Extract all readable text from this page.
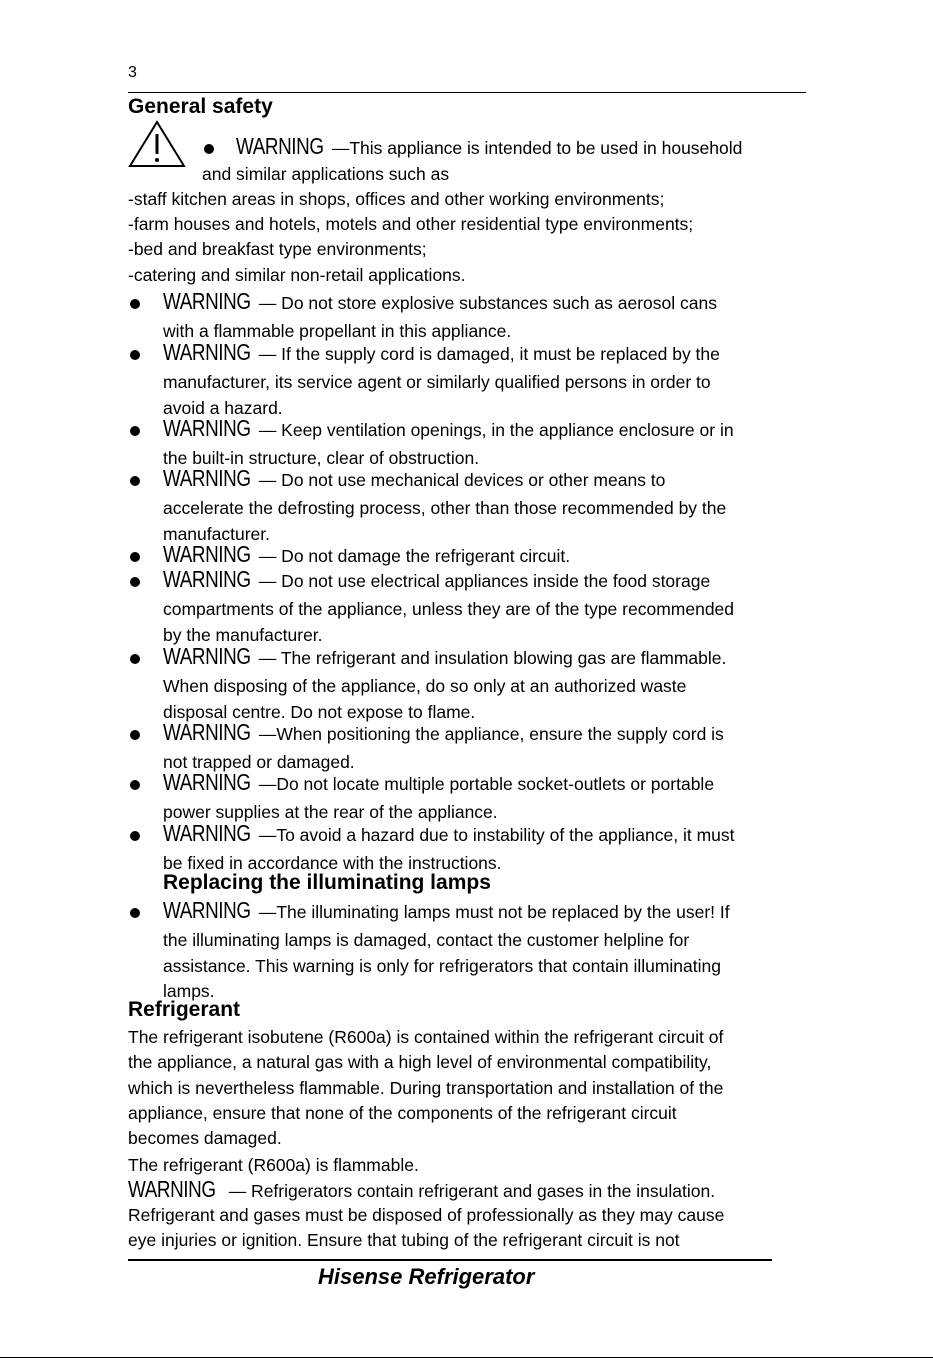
3
General safety
WARNING —This appliance is intended to be used in household
and similar applications such as
-staff kitchen areas in shops, offices and other working environments;
-farm houses and hotels, motels and other residential type environments;
-bed and breakfast type environments;
-catering and similar non-retail applications.
WARNING — Do not store explosive substances such as aerosol cans
with a flammable propellant in this appliance.
WARNING — If the supply cord is damaged, it must be replaced by the
manufacturer, its service agent or similarly qualified persons in order to
avoid a hazard.
WARNING — Keep ventilation openings, in the appliance enclosure or in
the built-in structure, clear of obstruction.
WARNING — Do not use mechanical devices or other means to
accelerate the defrosting process, other than those recommended by the
manufacturer.
WARNING — Do not damage the refrigerant circuit.
WARNING — Do not use electrical appliances inside the food storage
compartments of the appliance, unless they are of the type recommended
by the manufacturer.
WARNING — The refrigerant and insulation blowing gas are flammable.
When disposing of the appliance, do so only at an authorized waste
disposal centre. Do not expose to flame.
WARNING —When positioning the appliance, ensure the supply cord is
not trapped or damaged.
WARNING —Do not locate multiple portable socket-outlets or portable
power supplies at the rear of the appliance.
WARNING —To avoid a hazard due to instability of the appliance, it must
be fixed in accordance with the instructions.
Replacing the illuminating lamps
WARNING —The illuminating lamps must not be replaced by the user! If
the illuminating lamps is damaged, contact the customer helpline for
assistance. This warning is only for refrigerators that contain illuminating
lamps.
Refrigerant
The refrigerant isobutene (R600a) is contained within the refrigerant circuit of
the appliance, a natural gas with a high level of environmental compatibility,
which is nevertheless flammable. During transportation and installation of the
appliance, ensure that none of the components of the refrigerant circuit
becomes damaged.
The refrigerant (R600a) is flammable.
WARNING — Refrigerators contain refrigerant and gases in the insulation.
Refrigerant and gases must be disposed of professionally as they may cause
eye injuries or ignition. Ensure that tubing of the refrigerant circuit is not
Hisense Refrigerator
